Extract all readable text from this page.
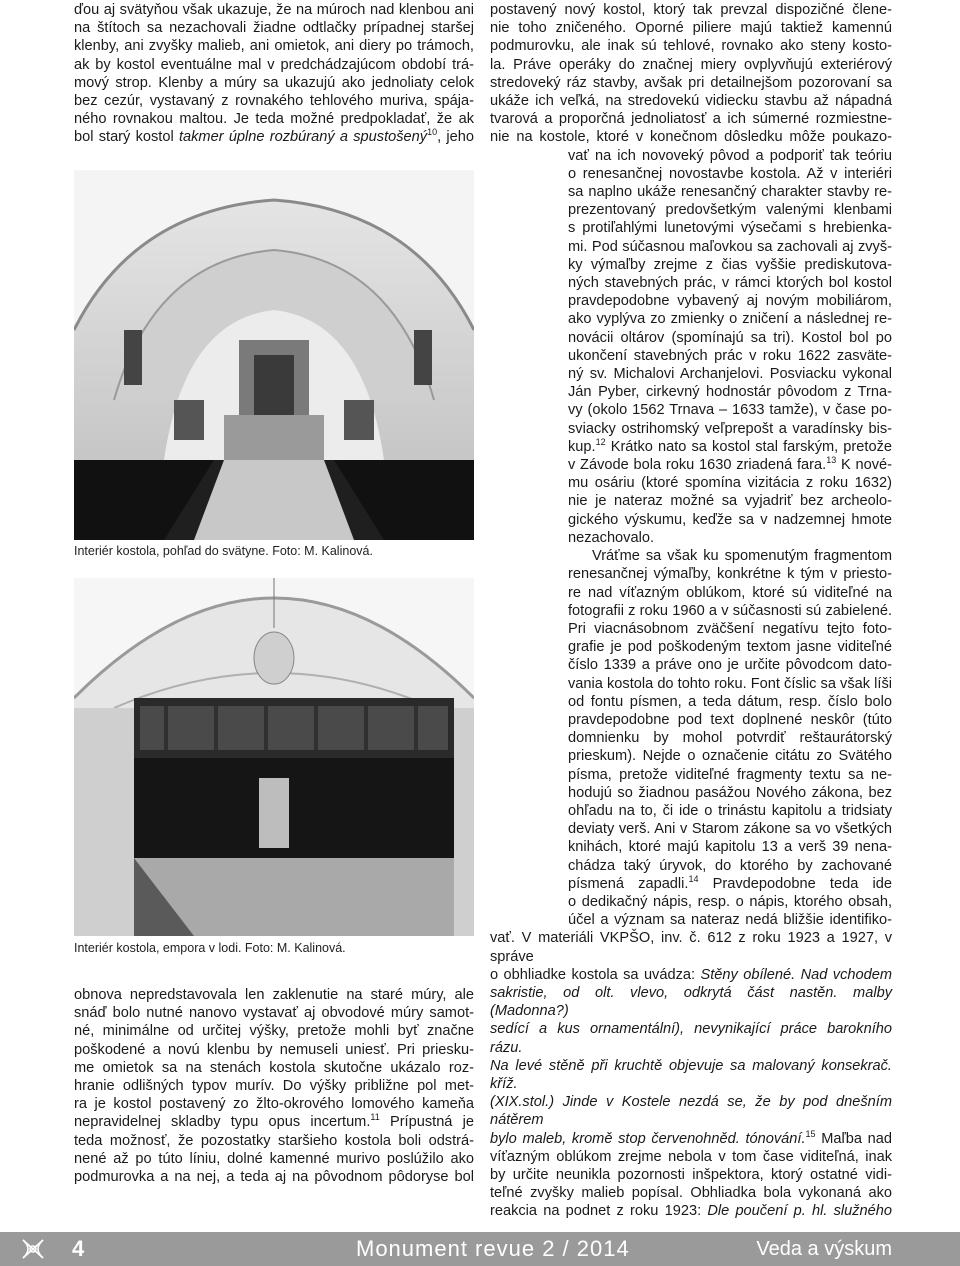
ďou aj svätyňou však ukazuje, že na múroch nad klenbou ani
na štítoch sa nezachovali žiadne odtlačky prípadnej staršej
klenby, ani zvyšky malieb, ani omietok, ani diery po trámoch,
ak by kostol eventuálne mal v predchádzajúcom období trá-
mový strop. Klenby a múry sa ukazujú ako jednoliaty celok
bez cezúr, vystavaný z rovnakého tehlového muriva, spája-
ného rovnakou maltou. Je teda možné predpokladať, že ak
bol starý kostol takmer úplne rozbúraný a spustošený$^{10}$, jeho
Interiér kostola, pohľad do svätyne. Foto: M. Kalinová.
Interiér kostola, empora v lodi. Foto: M. Kalinová.
obnova nepredstavovala len zaklenutie na staré múry, ale
snáď bolo nutné nanovo vystavať aj obvodové múry samot-
né, minimálne od určitej výšky, pretože mohli byť značne
poškodené a novú klenbu by nemuseli uniesť. Pri priesku-
me omietok sa na stenách kostola skutočne ukázalo roz-
hranie odlišných typov murív. Do výšky približne pol met-
ra je kostol postavený zo žlto-okrového lomového kameňa
nepravidelnej skladby typu opus incertum.$^{11}$ Prípustná je
teda možnosť, že pozostatky staršieho kostola boli odstrá-
nené až po túto líniu, dolné kamenné murivo poslúžilo ako
podmurovka a na nej, a teda aj na pôvodnom pôdoryse bol
postavený nový kostol, ktorý tak prevzal dispozičné člene-
nie toho zničeného. Oporné piliere majú taktiež kamennú
podmurovku, ale inak sú tehlové, rovnako ako steny kosto-
la. Práve operáky do značnej miery ovplyvňujú exteriérový
stredoveký ráz stavby, avšak pri detailnejšom pozorovaní sa
ukáže ich veľká, na stredovekú vidiecku stavbu až nápadná
tvarová a proporčná jednoliatosť a ich súmerné rozmiestne-
nie na kostole, ktoré v konečnom dôsledku môže poukazo-
vať na ich novoveký pôvod a podporiť tak teóriu
o renesančnej novostavbe kostola. Až v interiéri
sa naplno ukáže renesančný charakter stavby re-
prezentovaný predovšetkým valenými klenbami
s protiľahlými lunetovými výsečami s hrebienka-
mi. Pod súčasnou maľovkou sa zachovali aj zvyš-
ky výmaľby zrejme z čias vyššie prediskutova-
ných stavebných prác, v rámci ktorých bol kostol
pravdepodobne vybavený aj novým mobiliárom,
ako vyplýva zo zmienky o zničení a následnej re-
novácii oltárov (spomínajú sa tri). Kostol bol po
ukončení stavebných prác v roku 1622 zasväte-
ný sv. Michalovi Archanjelovi. Posviacku vykonal
Ján Pyber, cirkevný hodnostár pôvodom z Trna-
vy (okolo 1562 Trnava – 1633 tamže), v čase po-
sviacky ostrihomský veľprepošt a varadínsky bis-
kup.$^{12}$ Krátko nato sa kostol stal farským, pretože
v Závode bola roku 1630 zriadená fara.$^{13}$ K nové-
mu osáriu (ktoré spomína vizitácia z roku 1632)
nie je nateraz možné sa vyjadriť bez archeolo-
gického výskumu, keďže sa v nadzemnej hmote
nezachovalo.
Vráťme sa však ku spomenutým fragmentom
renesančnej výmaľby, konkrétne k tým v priesto-
re nad víťazným oblúkom, ktoré sú viditeľné na
fotografii z roku 1960 a v súčasnosti sú zabielené.
Pri viacnásobnom zväčšení negatívu tejto foto-
grafie je pod poškodeným textom jasne viditeľné
číslo 1339 a práve ono je určite pôvodcom dato-
vania kostola do tohto roku. Font číslic sa však líši
od fontu písmen, a teda dátum, resp. číslo bolo
pravdepodobne pod text doplnené neskôr (túto
domnienku by mohol potvrdiť reštaurátorský
prieskum). Nejde o označenie citátu zo Svätého
písma, pretože viditeľné fragmenty textu sa ne-
hodujú so žiadnou pasážou Nového zákona, bez
ohľadu na to, či ide o trinástu kapitolu a tridsiaty
deviaty verš. Ani v Starom zákone sa vo všetkých
knihách, ktoré majú kapitolu 13 a verš 39 nena-
chádza taký úryvok, do ktorého by zachované
písmená zapadli.$^{14}$ Pravdepodobne teda ide
o dedikačný nápis, resp. o nápis, ktorého obsah,
účel a význam sa nateraz nedá bližšie identifiko-
vať. V materiáli VKPŠO, inv. č. 612 z roku 1923 a 1927, v správe
o obhliadke kostola sa uvádza: Stěny obílené. Nad vchodem
sakristie, od olt. vlevo, odkrytá část nastěn. malby (Madonna?)
sedící a kus ornamentální), nevynikající práce barokního rázu.
Na levé stěně při kruchtě objevuje sa malovaný konsekrač. kříž.
(XIX.stol.) Jinde v Kostele nezdá se, že by pod dnešním nátěrem
bylo maleb, kromě stop červenohněd. tónování.$^{15}$ Maľba nad
víťazným oblúkom zrejme nebola v tom čase viditeľná, inak
by určite neunikla pozornosti inšpektora, ktorý ostatné vidi-
teľné zvyšky malieb popísal. Obhliadka bola vykonaná ako
reakcia na podnet z roku 1923: Dle poučení p. hl. služného
4	Monument revue 2 / 2014	Veda a výskum
